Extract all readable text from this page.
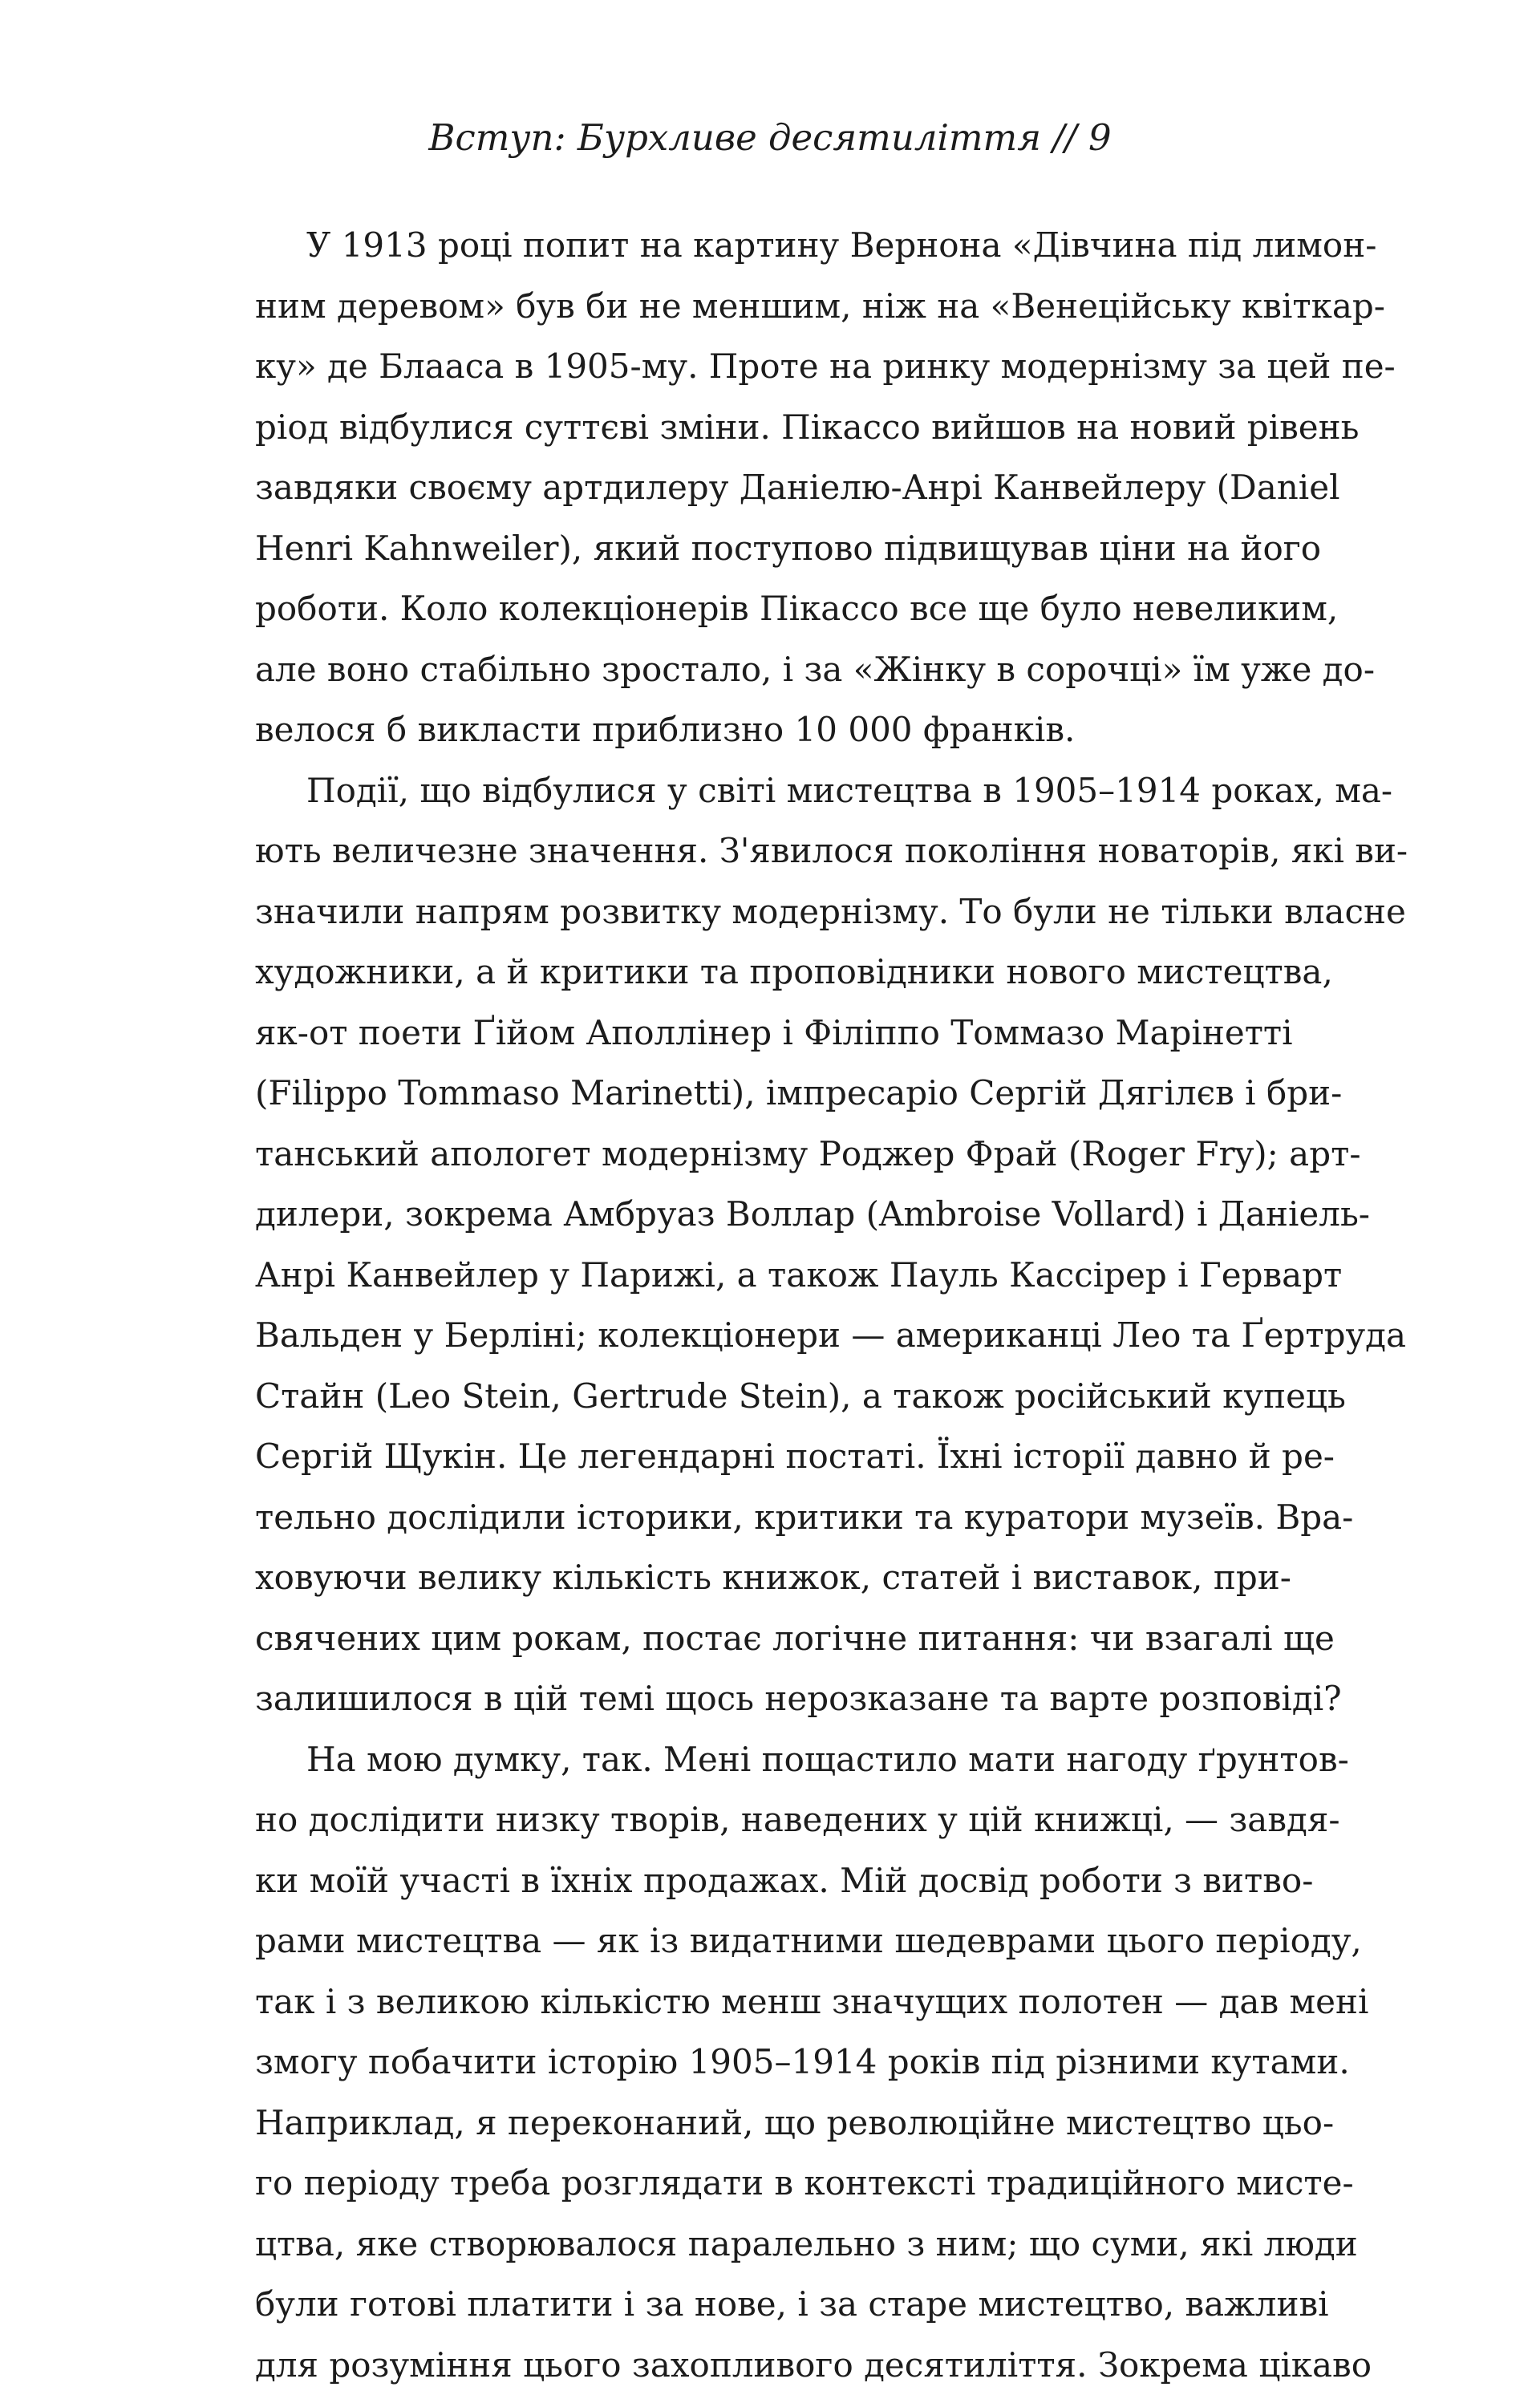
Вступ: Бурхливе десятиліття // 9
У 1913 році попит на картину Вернона «Дівчина під лимон-
ним деревом» був би не меншим, ніж на «Венеційську квіткар-
ку» де Блааса в 1905-му. Проте на ринку модернізму за цей пе-
ріод відбулися суттєві зміни. Пікассо вийшов на новий рівень
завдяки своєму артдилеру Даніелю-Анрі Канвейлеру (Daniel
Henri Kahnweiler), який поступово підвищував ціни на його
роботи. Коло колекціонерів Пікассо все ще було невеликим,
але воно стабільно зростало, і за «Жінку в сорочці» їм уже до-
велося б викласти приблизно 10 000 франків.
Події, що відбулися у світі мистецтва в 1905–1914 роках, ма-
ють величезне значення. З'явилося покоління новаторів, які ви-
значили напрям розвитку модернізму. То були не тільки власне
художники, а й критики та проповідники нового мистецтва,
як-от поети Ґійом Аполлінер і Філіппо Томмазо Марінетті
(Filippo Tommaso Marinetti), імпресаріо Сергій Дягілєв і бри-
танський апологет модернізму Роджер Фрай (Roger Fry); арт-
дилери, зокрема Амбруаз Воллар (Ambroise Vollard) і Даніель-
Анрі Канвейлер у Парижі, а також Пауль Кассірер і Герварт
Вальден у Берліні; колекціонери — американці Лео та Ґертруда
Стайн (Leo Stein, Gertrude Stein), а також російський купець
Сергій Щукін. Це легендарні постаті. Їхні історії давно й ре-
тельно дослідили історики, критики та куратори музеїв. Вра-
ховуючи велику кількість книжок, статей і виставок, при-
свячених цим рокам, постає логічне питання: чи взагалі ще
залишилося в цій темі щось нерозказане та варте розповіді?
На мою думку, так. Мені пощастило мати нагоду ґрунтов-
но дослідити низку творів, наведених у цій книжці, — завдя-
ки моїй участі в їхніх продажах. Мій досвід роботи з витво-
рами мистецтва — як із видатними шедеврами цього періоду,
так і з великою кількістю менш значущих полотен — дав мені
змогу побачити історію 1905–1914 років під різними кутами.
Наприклад, я переконаний, що революційне мистецтво цьо-
го періоду треба розглядати в контексті традиційного мисте-
цтва, яке створювалося паралельно з ним; що суми, які люди
були готові платити і за нове, і за старе мистецтво, важливі
для розуміння цього захопливого десятиліття. Зокрема цікаво
